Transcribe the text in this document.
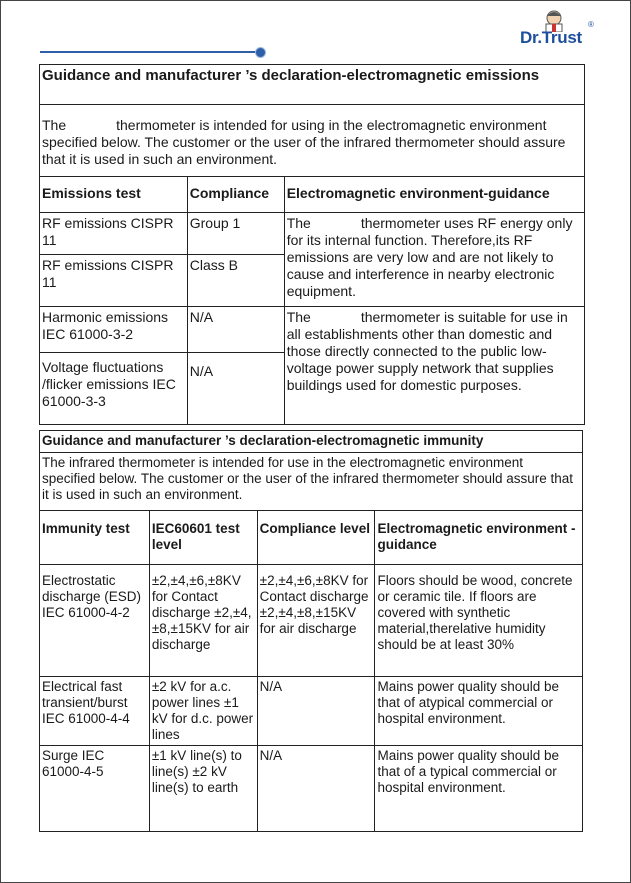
Dr.Trust
®
Guidance and manufacturer ’s declaration-electromagnetic emissions		
The thermometer is intended for using in the electromagnetic environment specified below. The customer or the user of the infrared thermometer should assure that it is used in such an environment.		
Emissions test	Compliance	Electromagnetic environment-guidance
RF emissions CISPR 11	Group 1	The thermometer uses RF energy only for its internal function. Therefore,its RF emissions are very low and are not likely to cause and interference in nearby electronic equipment.
RF emissions CISPR 11	Class B	
Harmonic emissions IEC 61000-3-2	N/A	The thermometer is suitable for use in all establishments other than domestic and those directly connected to the public low-voltage power supply network that supplies buildings used for domestic purposes.
Voltage fluctuations /flicker emissions IEC 61000-3-3	N/A	
Guidance and manufacturer ’s declaration-electromagnetic immunity			
The infrared thermometer is intended for use in the electromagnetic environment specified below. The customer or the user of the infrared thermometer should assure that it is used in such an environment.			
Immunity test	IEC60601 test level	Compliance level	Electromagnetic environment -guidance
Electrostatic discharge (ESD) IEC 61000-4-2	±2,±4,±6,±8KV for Contact discharge ±2,±4,±8,±15KV for air discharge	±2,±4,±6,±8KV for Contact discharge ±2,±4,±8,±15KV for air discharge	Floors should be wood, concrete or ceramic tile. If floors are covered with synthetic material,therelative humidity should be at least 30%
Electrical fast transient/burst IEC 61000-4-4	±2 kV for a.c. power lines ±1 kV for d.c. power lines	N/A	Mains power quality should be that of atypical commercial or hospital environment.
Surge IEC 61000-4-5	±1 kV line(s) to line(s) ±2 kV line(s) to earth	N/A	Mains power quality should be that of a typical commercial or hospital environment.
